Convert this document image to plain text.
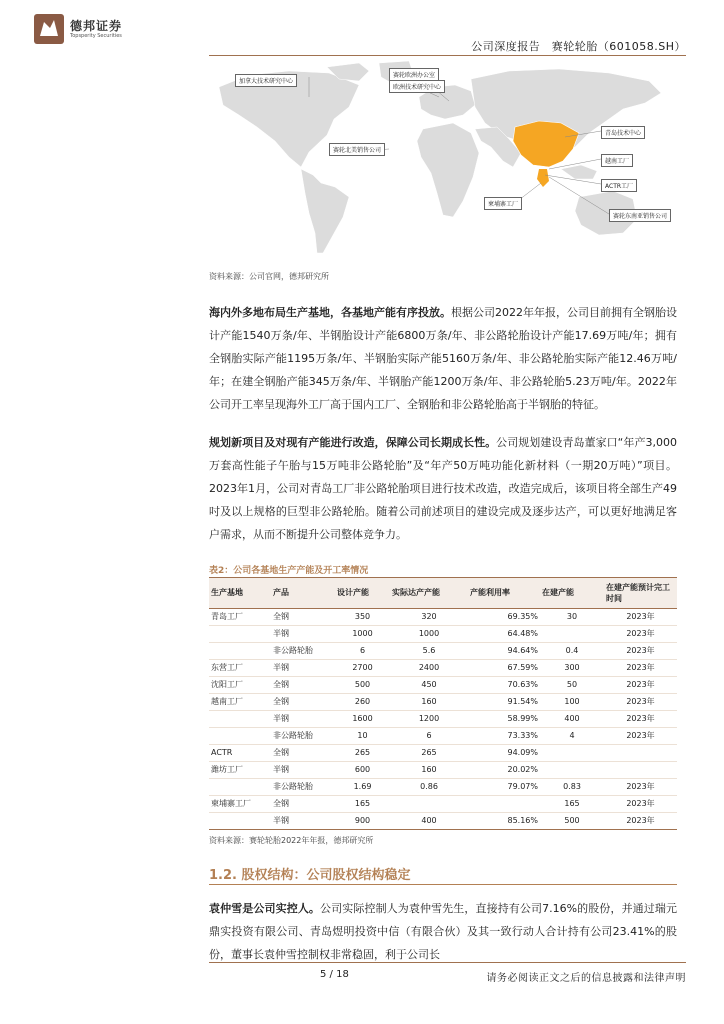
德邦证券
Topsperity Securities
公司深度报告　赛轮轮胎（601058.SH）
加拿大技术研究中心
赛轮欧洲办公室
欧洲技术研究中心
赛轮北美销售公司
青岛技术中心
越南工厂
ACTR工厂
柬埔寨工厂
赛轮东南亚销售公司
资料来源：公司官网，德邦研究所
海内外多地布局生产基地，各基地产能有序投放。根据公司2022年年报，公司目前拥有全钢胎设计产能1540万条/年、半钢胎设计产能6800万条/年、非公路轮胎设计产能17.69万吨/年；拥有全钢胎实际产能1195万条/年、半钢胎实际产能5160万条/年、非公路轮胎实际产能12.46万吨/年；在建全钢胎产能345万条/年、半钢胎产能1200万条/年、非公路轮胎5.23万吨/年。2022年公司开工率呈现海外工厂高于国内工厂、全钢胎和非公路轮胎高于半钢胎的特征。
规划新项目及对现有产能进行改造，保障公司长期成长性。公司规划建设青岛董家口“年产3,000万套高性能子午胎与15万吨非公路轮胎”及“年产50万吨功能化新材料（一期20万吨）”项目。2023年1月，公司对青岛工厂非公路轮胎项目进行技术改造，改造完成后，该项目将全部生产49吋及以上规格的巨型非公路轮胎。随着公司前述项目的建设完成及逐步达产，可以更好地满足客户需求，从而不断提升公司整体竞争力。
表2：公司各基地生产产能及开工率情况
生产基地	产品	设计产能	实际达产产能	产能利用率	在建产能	在建产能预计完工时间
青岛工厂	全钢	350	320	69.35%	30	2023年
	半钢	1000	1000	64.48%		2023年
	非公路轮胎	6	5.6	94.64%	0.4	2023年
东营工厂	半钢	2700	2400	67.59%	300	2023年
沈阳工厂	全钢	500	450	70.63%	50	2023年
越南工厂	全钢	260	160	91.54%	100	2023年
	半钢	1600	1200	58.99%	400	2023年
	非公路轮胎	10	6	73.33%	4	2023年
ACTR	全钢	265	265	94.09%		
潍坊工厂	半钢	600	160	20.02%		
	非公路轮胎	1.69	0.86	79.07%	0.83	2023年
柬埔寨工厂	全钢	165			165	2023年
	半钢	900	400	85.16%	500	2023年
资料来源：赛轮轮胎2022年年报，德邦研究所
1.2. 股权结构：公司股权结构稳定
袁仲雪是公司实控人。公司实际控制人为袁仲雪先生，直接持有公司7.16%的股份，并通过瑞元鼎实投资有限公司、青岛煜明投资中信（有限合伙）及其一致行动人合计持有公司23.41%的股份，董事长袁仲雪控制权非常稳固，利于公司长
5 / 18	请务必阅读正文之后的信息披露和法律声明
